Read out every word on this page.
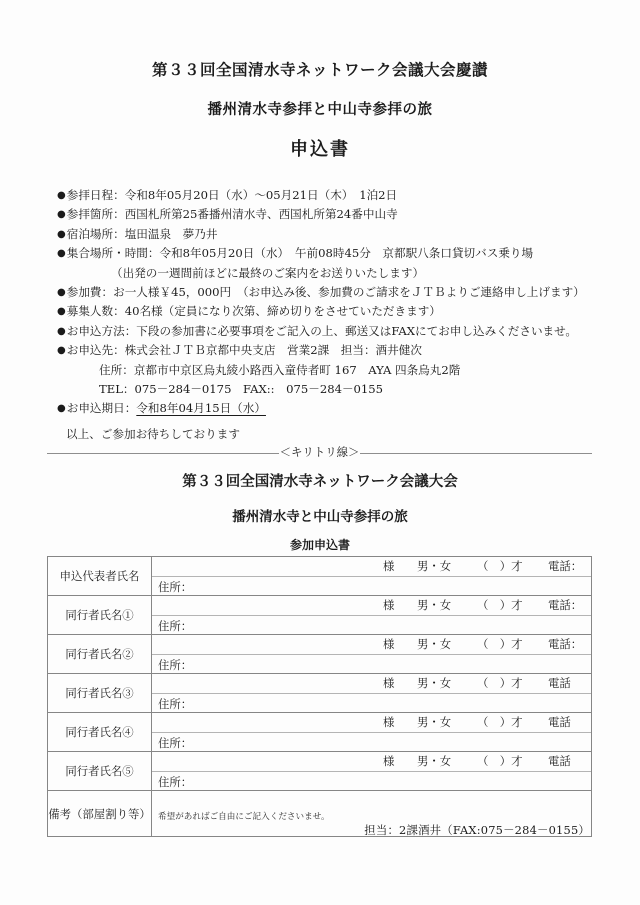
第３３回全国清水寺ネットワーク会議大会慶讃
播州清水寺参拝と中山寺参拝の旅
申込書
● 参拝日程：令和8年05月20日（水）～05月21日（木）　1泊2日
● 参拝箇所：西国札所第25番播州清水寺、西国札所第24番中山寺
● 宿泊場所：塩田温泉　夢乃井
● 集合場所・時間：令和8年05月20日（水）　午前08時45分　京都駅八条口貸切バス乗り場
（出発の一週間前ほどに最終のご案内をお送りいたします）
● 参加費：お一人様￥45，000円　（お申込み後、参加費のご請求をＪＴＢよりご連絡申し上げます）
● 募集人数：40名様（定員になり次第、締め切りをさせていただきます）
● お申込方法：下段の参加書に必要事項をご記入の上、郵送又はFAXにてお申し込みくださいませ。
● お申込先：株式会社ＪＴＢ京都中央支店　営業2課　担当：酒井健次
住所：京都市中京区烏丸綾小路西入童侍者町 167　AYA 四条烏丸2階
TEL：075－284－0175　FAX::　075－284－0155
● お申込期日：令和8年04月15日（水）
以上、ご参加お待ちしております
＜キリトリ線＞
第３３回全国清水寺ネットワーク会議大会
播州清水寺と中山寺参拝の旅
参加申込書
申込代表者氏名	様 男・女 （　）才 電話：
住所：

同行者氏名①	様 男・女 （　）才 電話：
住所：

同行者氏名②	様 男・女 （　）才 電話：
住所：

同行者氏名③	様 男・女 （　）才 電話
住所：

同行者氏名④	様 男・女 （　）才 電話
住所：

同行者氏名⑤	様 男・女 （　）才 電話
住所：

備考（部屋割り等）	希望があればご自由にご記入くださいませ。
担当：2課酒井（FAX:075－284－0155）
